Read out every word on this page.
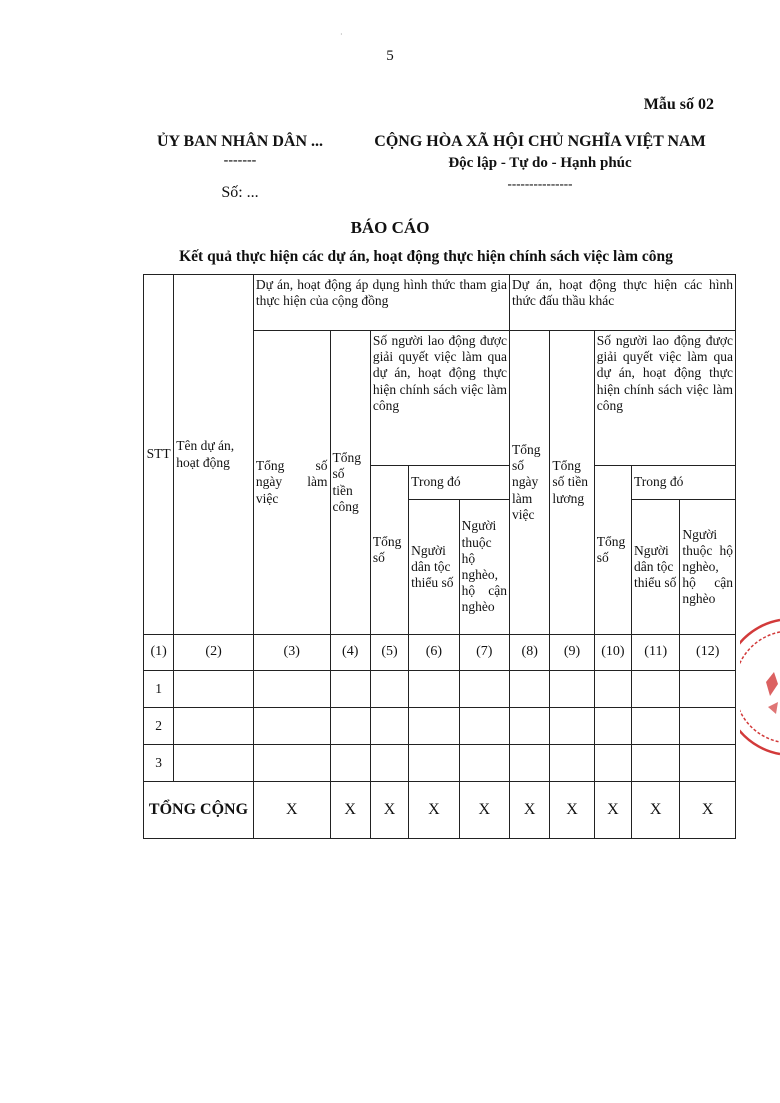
·
5
Mẫu số 02
ỦY BAN NHÂN DÂN ...
-------
Số: ...
CỘNG HÒA XÃ HỘI CHỦ NGHĨA VIỆT NAM
Độc lập - Tự do - Hạnh phúc
---------------
BÁO CÁO
Kết quả thực hiện các dự án, hoạt động thực hiện chính sách việc làm công
STT	Tên dự án, hoạt động	Dự án, hoạt động áp dụng hình thức tham gia thực hiện của cộng đồng					Dự án, hoạt động thực hiện các hình thức đấu thầu khác				
		Tổng số ngày làm việc	Tổng số tiền công	Số người lao động được giải quyết việc làm qua dự án, hoạt động thực hiện chính sách việc làm công			Tổng số ngày làm việc	Tổng số tiền lương	Số người lao động được giải quyết việc làm qua dự án, hoạt động thực hiện chính sách việc làm công		
				Tổng số	Trong đó				Tổng số	Trong đó	
					Người dân tộc thiểu số	Người thuộc hộ nghèo, hộ cận nghèo				Người dân tộc thiểu số	Người thuộc hộ nghèo, hộ cận nghèo
(1)	(2)	(3)	(4)	(5)	(6)	(7)	(8)	(9)	(10)	(11)	(12)
1											
2											
3											
TỔNG CỘNG		X	X	X	X	X	X	X	X	X	X
